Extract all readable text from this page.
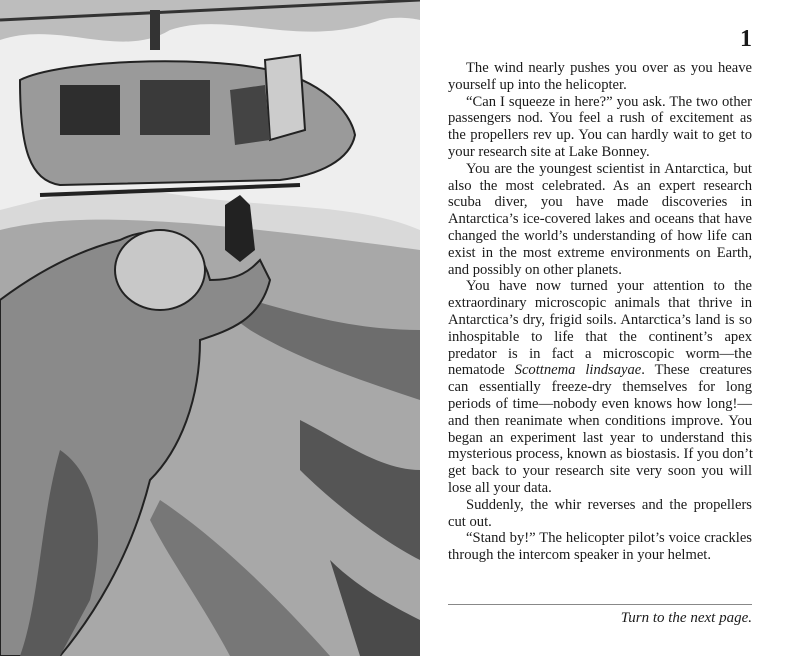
1
The wind nearly pushes you over as you heave
yourself up into the helicopter.
“Can I squeeze in here?” you ask. The two other
passengers nod. You feel a rush of excitement as
the propellers rev up. You can hardly wait to get to
your research site at Lake Bonney.
You are the youngest scientist in Antarctica, but
also the most celebrated. As an expert research
scuba diver, you have made discoveries in
Antarctica’s ice-covered lakes and oceans that have
changed the world’s understanding of how life can
exist in the most extreme environments on Earth,
and possibly on other planets.
You have now turned your attention to the
extraordinary microscopic animals that thrive in
Antarctica’s dry, frigid soils. Antarctica’s land is so
inhospitable to life that the continent’s apex
predator is in fact a microscopic worm—the
nematode Scottnema lindsayae. These creatures
can essentially freeze-dry themselves for long
periods of time—nobody even knows how long!—
and then reanimate when conditions improve. You
began an experiment last year to understand this
mysterious process, known as biostasis. If you don’t
get back to your research site very soon you will
lose all your data.
Suddenly, the whir reverses and the propellers
cut out.
“Stand by!” The helicopter pilot’s voice crackles
through the intercom speaker in your helmet.
Turn to the next page.
